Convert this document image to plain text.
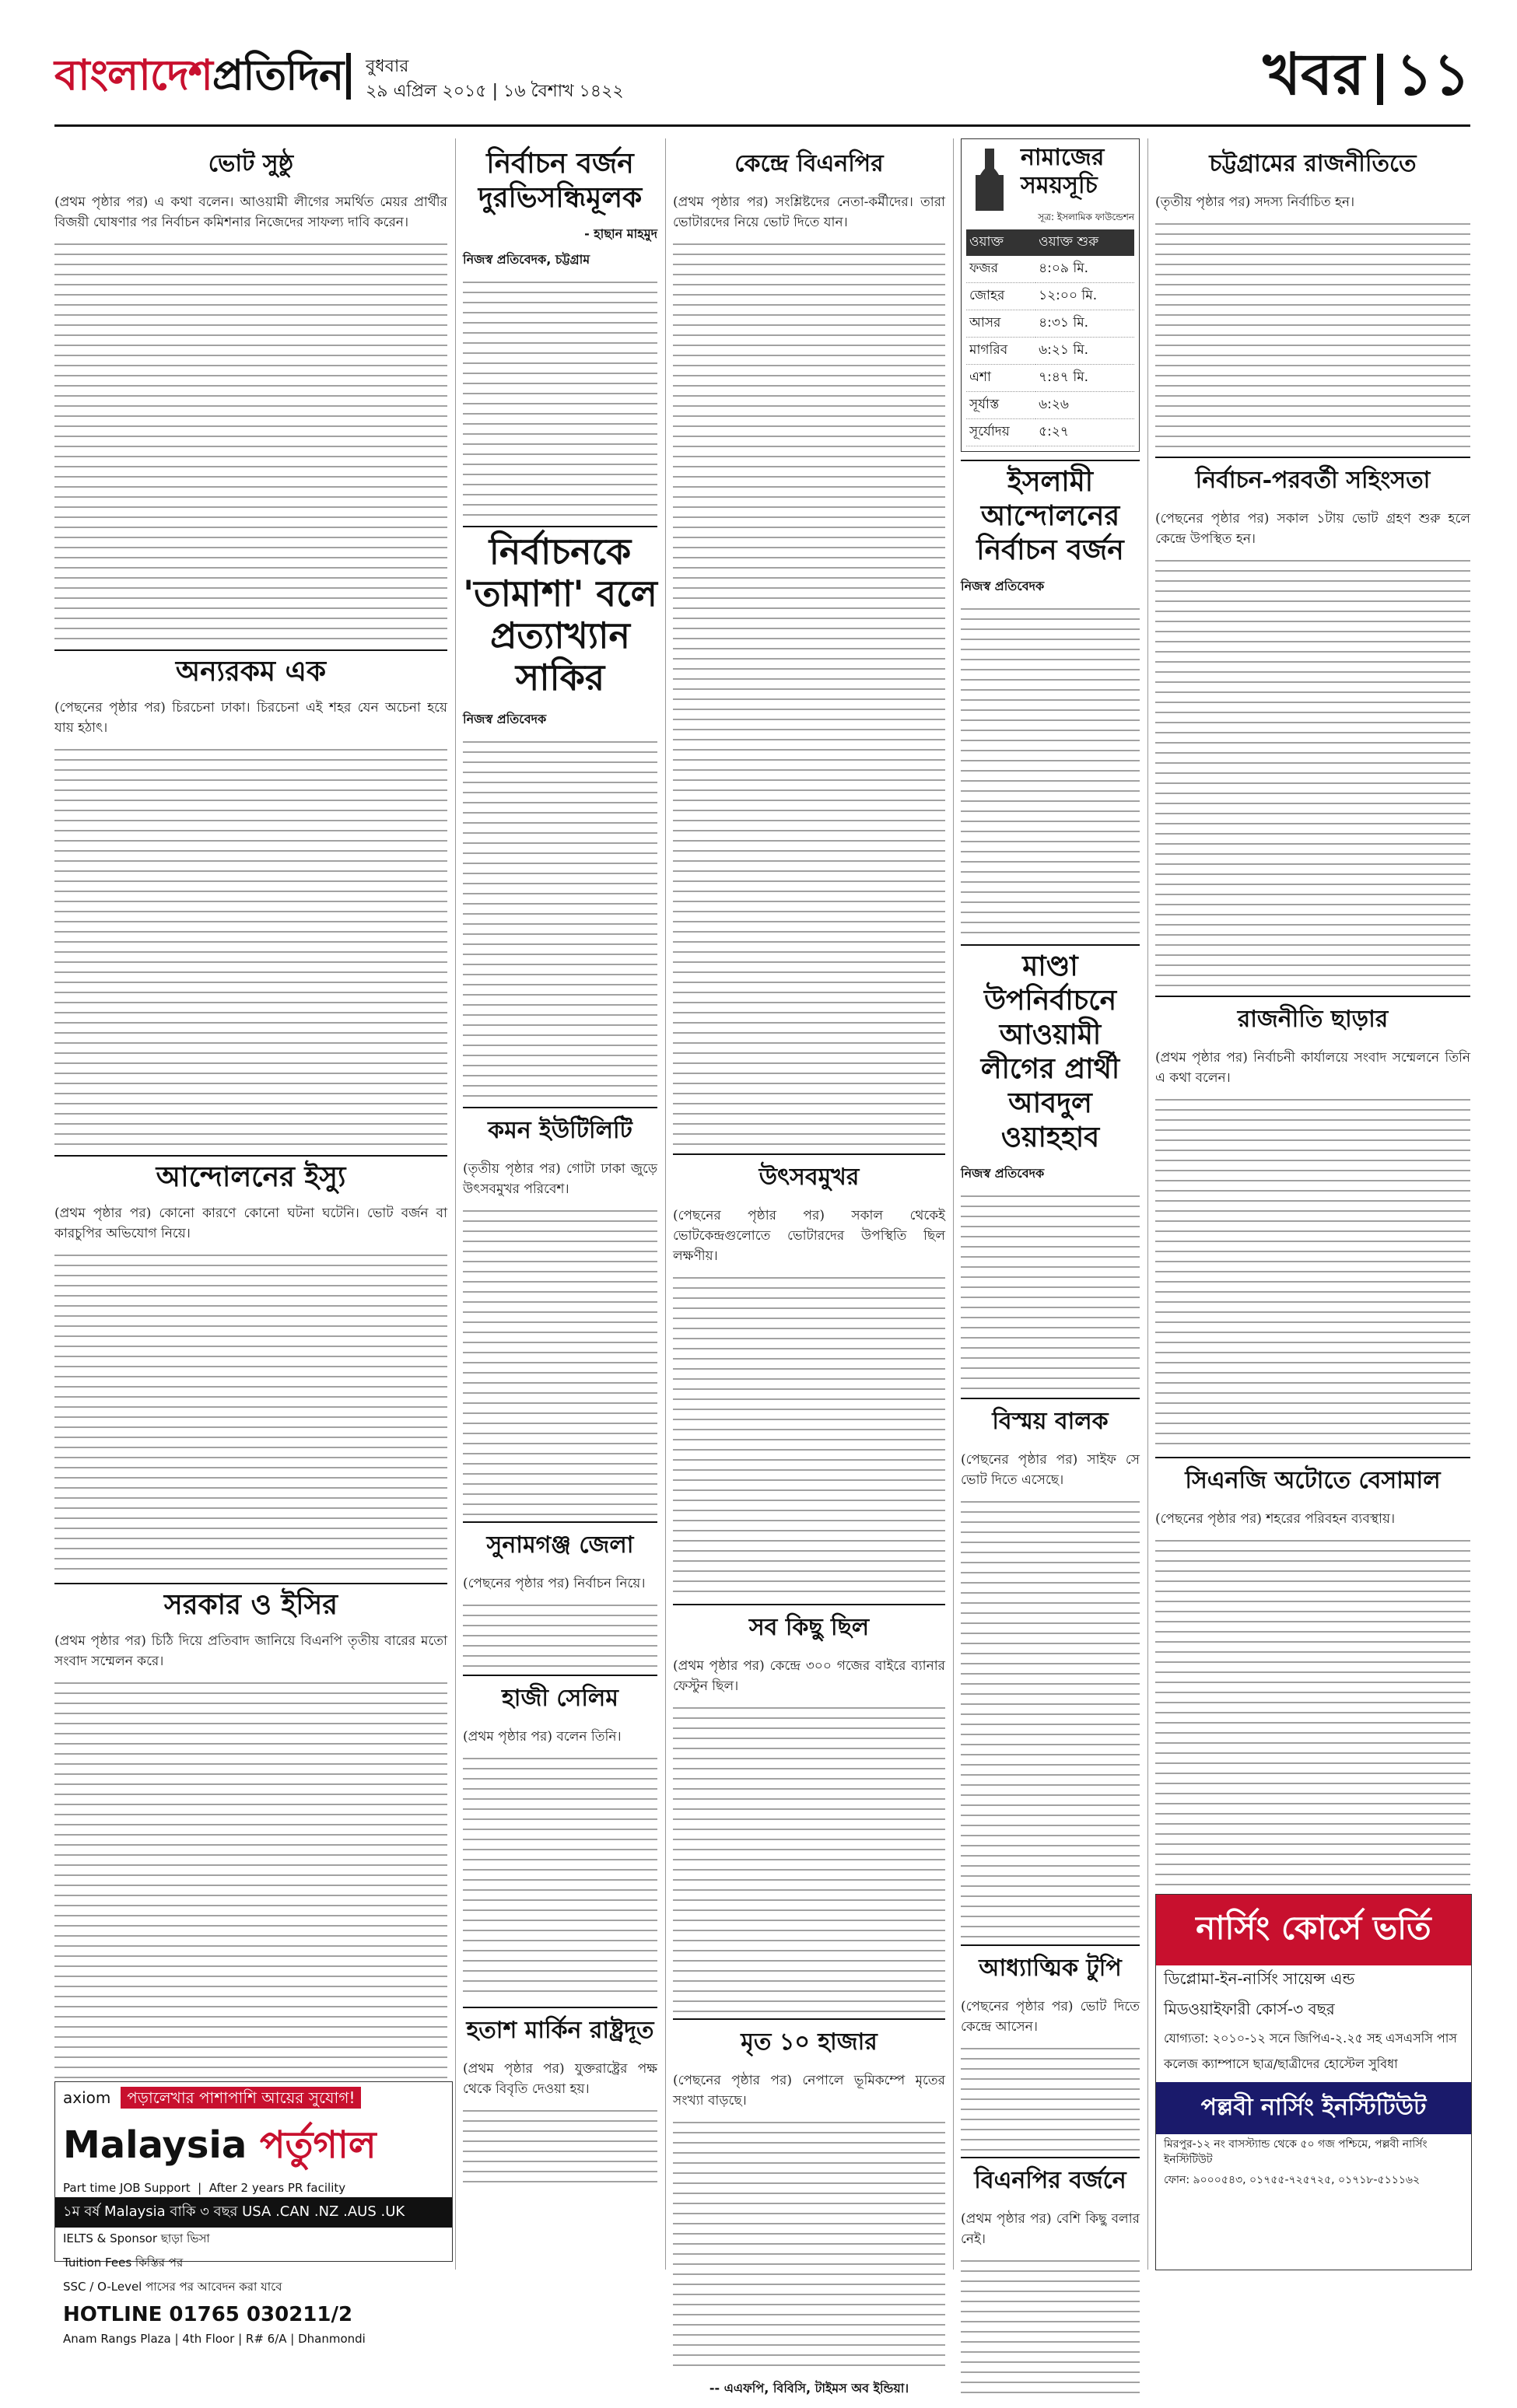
বাংলাদেশপ্রতিদিন বুধবার
২৯ এপ্রিল ২০১৫ | ১৬ বৈশাখ ১৪২২	খবর ১১
ভোট সুষ্ঠু

(প্রথম পৃষ্ঠার পর) এ কথা বলেন। আওয়ামী লীগের সমর্থিত মেয়র প্রার্থীর বিজয়ী ঘোষণার পর নির্বাচন কমিশনার নিজেদের সাফল্য দাবি করেন।

অন্যরকম এক

(পেছনের পৃষ্ঠার পর) চিরচেনা ঢাকা। চিরচেনা এই শহর যেন অচেনা হয়ে যায় হঠাৎ।

আন্দোলনের ইস্যু

(প্রথম পৃষ্ঠার পর) কোনো কারণে কোনো ঘটনা ঘটেনি। ভোট বর্জন বা কারচুপির অভিযোগ নিয়ে।

সরকার ও ইসির

(প্রথম পৃষ্ঠার পর) চিঠি দিয়ে প্রতিবাদ জানিয়ে বিএনপি তৃতীয় বারের মতো সংবাদ সম্মেলন করে।

নির্বাচন বর্জন দুরভিসন্ধিমূলক
- হাছান মাহমুদ
নিজস্ব প্রতিবেদক, চট্টগ্রাম
নির্বাচনকে 'তামাশা' বলে প্রত্যাখ্যান সাকির
নিজস্ব প্রতিবেদক
কমন ইউটিলিটি

(তৃতীয় পৃষ্ঠার পর) গোটা ঢাকা জুড়ে উৎসবমুখর পরিবেশ।

সুনামগঞ্জ জেলা

(পেছনের পৃষ্ঠার পর) নির্বাচন নিয়ে।

হাজী সেলিম

(প্রথম পৃষ্ঠার পর) বলেন তিনি।

হতাশ মার্কিন রাষ্ট্রদূত

(প্রথম পৃষ্ঠার পর) যুক্তরাষ্ট্রের পক্ষ থেকে বিবৃতি দেওয়া হয়।

কেন্দ্রে বিএনপির

(প্রথম পৃষ্ঠার পর) সংশ্লিষ্টদের নেতা-কর্মীদের। তারা ভোটারদের নিয়ে ভোট দিতে যান।

উৎসবমুখর

(পেছনের পৃষ্ঠার পর) সকাল থেকেই ভোটকেন্দ্রগুলোতে ভোটারদের উপস্থিতি ছিল লক্ষণীয়।

সব কিছু ছিল

(প্রথম পৃষ্ঠার পর) কেন্দ্রে ৩০০ গজের বাইরে ব্যানার ফেস্টুন ছিল।

মৃত ১০ হাজার

(পেছনের পৃষ্ঠার পর) নেপালে ভূমিকম্পে মৃতের সংখ্যা বাড়ছে।

-- এএফপি, বিবিসি, টাইমস অব ইন্ডিয়া।
নামাজের সময়সূচি
সূত্র: ইসলামিক ফাউন্ডেশন
ওয়াক্ত	ওয়াক্ত শুরু
ফজর	৪:০৯ মি.
জোহর	১২:০০ মি.
আসর	৪:৩১ মি.
মাগরিব	৬:২১ মি.
এশা	৭:৪৭ মি.
সূর্যাস্ত	৬:২৬
সূর্যোদয়	৫:২৭
ইসলামী আন্দোলনের নির্বাচন বর্জন
নিজস্ব প্রতিবেদক
মাণ্ডা উপনির্বাচনে আওয়ামী লীগের প্রার্থী আবদুল ওয়াহহাব
নিজস্ব প্রতিবেদক
বিস্ময় বালক

(পেছনের পৃষ্ঠার পর) সাইফ সে ভোট দিতে এসেছে।

আধ্যাত্মিক টুপি

(পেছনের পৃষ্ঠার পর) ভোট দিতে কেন্দ্রে আসেন।

বিএনপির বর্জনে

(প্রথম পৃষ্ঠার পর) বেশি কিছু বলার নেই।

চট্টগ্রামের রাজনীতিতে

(তৃতীয় পৃষ্ঠার পর) সদস্য নির্বাচিত হন।

নির্বাচন-পরবর্তী সহিংসতা

(পেছনের পৃষ্ঠার পর) সকাল ১টায় ভোট গ্রহণ শুরু হলে কেন্দ্রে উপস্থিত হন।

রাজনীতি ছাড়ার

(প্রথম পৃষ্ঠার পর) নির্বাচনী কার্যালয়ে সংবাদ সম্মেলনে তিনি এ কথা বলেন।

সিএনজি অটোতে বেসামাল

(পেছনের পৃষ্ঠার পর) শহরের পরিবহন ব্যবস্থায়।

axiom পড়ালেখার পাশাপাশি আয়ের সুযোগ!
Malaysia পর্তুগাল
Part time JOB Support  |  After 2 years PR facility
১ম বর্ষ Malaysia বাকি ৩ বছর USA .CAN .NZ .AUS .UK
IELTS & Sponsor ছাড়া ভিসা
Tuition Fees কিস্তির পর
SSC / O-Level পাসের পর আবেদন করা যাবে
HOTLINE 01765 030211/2
Anam Rangs Plaza | 4th Floor | R# 6/A | Dhanmondi
নার্সিং কোর্সে ভর্তি
ডিপ্লোমা-ইন-নার্সিং সায়েন্স এন্ড
মিডওয়াইফারী কোর্স-৩ বছর
যোগ্যতা: ২০১০-১২ সনে জিপিএ-২.২৫ সহ এসএসসি পাস
কলেজ ক্যাম্পাসে ছাত্র/ছাত্রীদের হোস্টেল সুবিধা
পল্লবী নার্সিং ইনস্টিটিউট
মিরপুর-১২ নং বাসস্ট্যান্ড থেকে ৫০ গজ পশ্চিমে, পল্লবী নার্সিং ইনস্টিটিউট
ফোন: ৯০০০৫৪৩, ০১৭৫৫-৭২৫৭২৫, ০১৭১৮-৫১১১৬২
